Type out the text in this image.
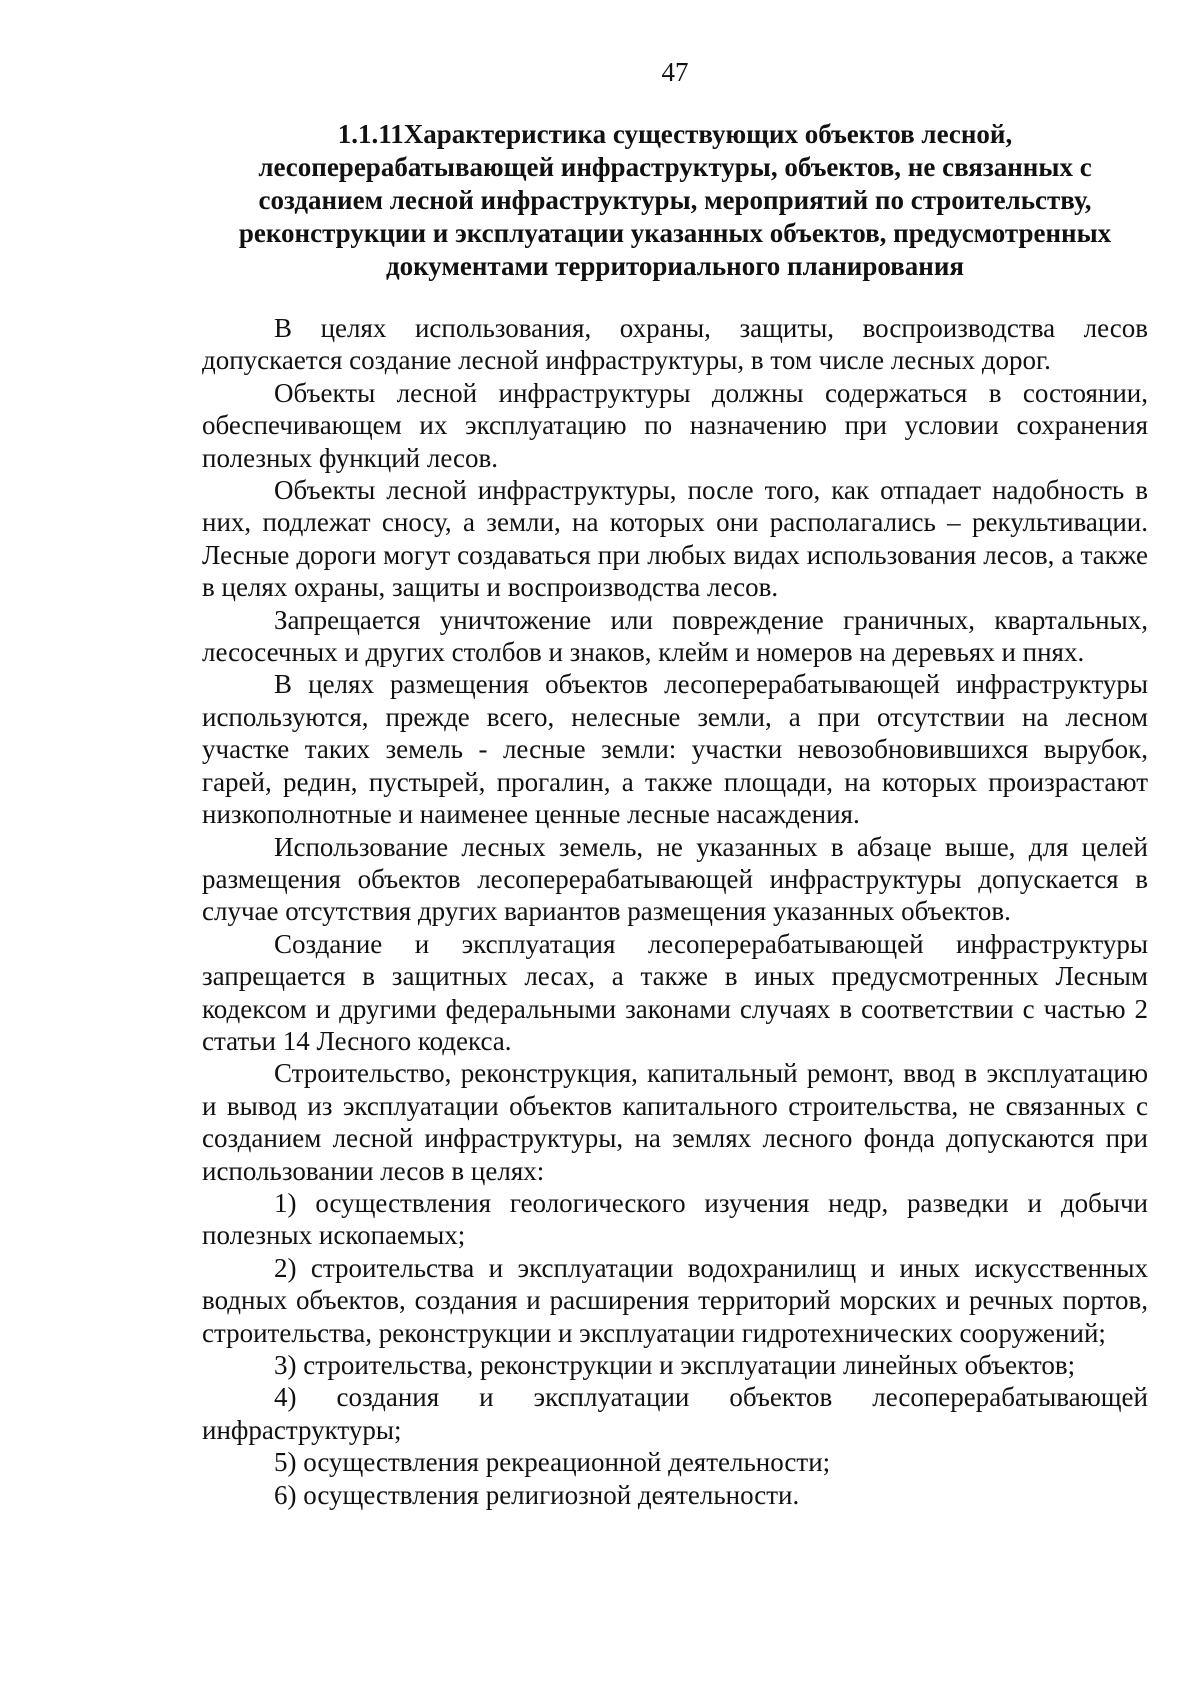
47
1.1.11Характеристика существующих объектов лесной, лесоперерабатывающей инфраструктуры, объектов, не связанных с созданием лесной инфраструктуры, мероприятий по строительству, реконструкции и эксплуатации указанных объектов, предусмотренных документами территориального планирования

В целях использования, охраны, защиты, воспроизводства лесов допускается создание лесной инфраструктуры, в том числе лесных дорог.

Объекты лесной инфраструктуры должны содержаться в состоянии, обеспечивающем их эксплуатацию по назначению при условии сохранения полезных функций лесов.

Объекты лесной инфраструктуры, после того, как отпадает надобность в них, подлежат сносу, а земли, на которых они располагались – рекультивации. Лесные дороги могут создаваться при любых видах использования лесов, а также в целях охраны, защиты и воспроизводства лесов.

Запрещается уничтожение или повреждение граничных, квартальных, лесосечных и других столбов и знаков, клейм и номеров на деревьях и пнях.

В целях размещения объектов лесоперерабатывающей инфраструктуры используются, прежде всего, нелесные земли, а при отсутствии на лесном участке таких земель - лесные земли: участки невозобновившихся вырубок, гарей, редин, пустырей, прогалин, а также площади, на которых произрастают низкополнотные и наименее ценные лесные насаждения.

Использование лесных земель, не указанных в абзаце выше, для целей размещения объектов лесоперерабатывающей инфраструктуры допускается в случае отсутствия других вариантов размещения указанных объектов.

Создание и эксплуатация лесоперерабатывающей инфраструктуры запрещается в защитных лесах, а также в иных предусмотренных Лесным кодексом и другими федеральными законами случаях в соответствии с частью 2 статьи 14 Лесного кодекса.

Строительство, реконструкция, капитальный ремонт, ввод в эксплуатацию и вывод из эксплуатации объектов капитального строительства, не связанных с созданием лесной инфраструктуры, на землях лесного фонда допускаются при использовании лесов в целях:

1) осуществления геологического изучения недр, разведки и добычи полезных ископаемых;

2) строительства и эксплуатации водохранилищ и иных искусственных водных объектов, создания и расширения территорий морских и речных портов, строительства, реконструкции и эксплуатации гидротехнических сооружений;

3) строительства, реконструкции и эксплуатации линейных объектов;

4) создания и эксплуатации объектов лесоперерабатывающей инфраструктуры;

5) осуществления рекреационной деятельности;

6) осуществления религиозной деятельности.
